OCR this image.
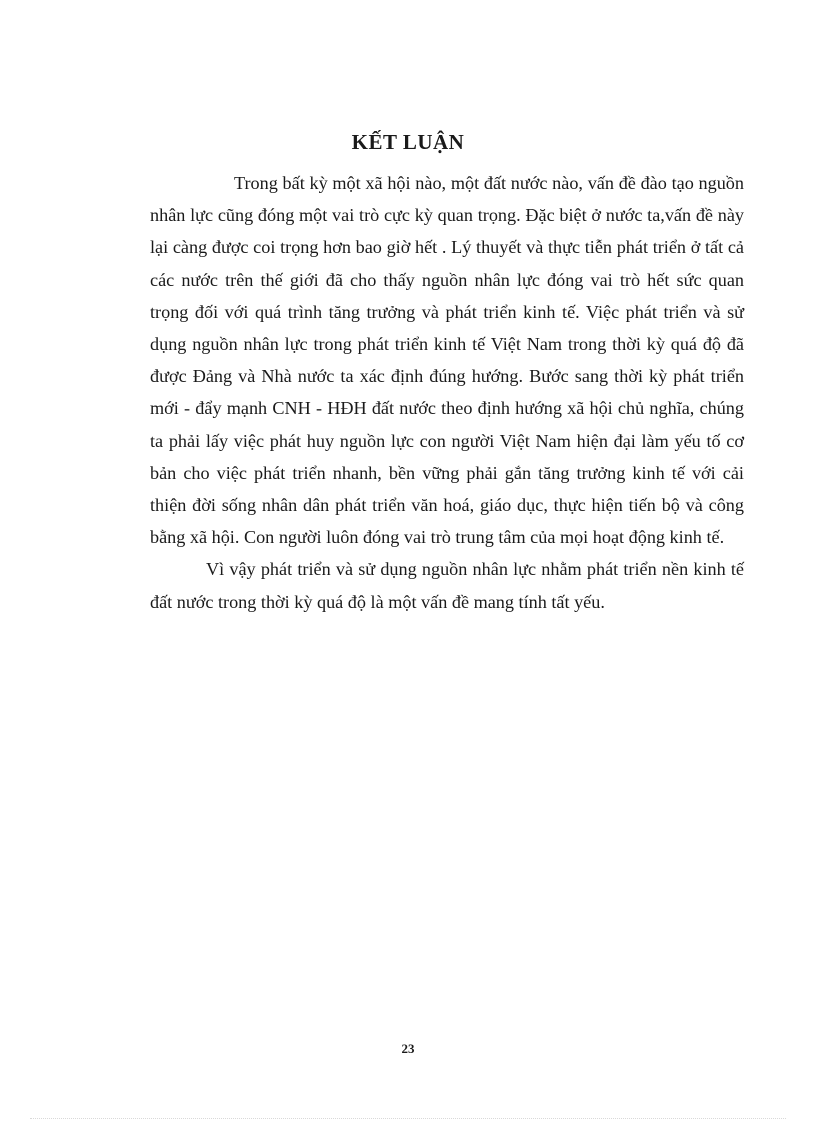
KẾT LUẬN

Trong bất kỳ một xã hội nào, một đất nước nào, vấn đề đào tạo nguồn nhân lực cũng đóng một vai trò cực kỳ quan trọng. Đặc biệt ở nước ta,vấn đề này lại càng được coi trọng hơn bao giờ hết . Lý thuyết và thực tiễn phát triển ở tất cả các nước trên thế giới đã cho thấy nguồn nhân lực đóng vai trò hết sức quan trọng đối với quá trình tăng trưởng và phát triển kinh tế. Việc phát triển và sử dụng nguồn nhân lực trong phát triển kinh tế Việt Nam trong thời kỳ quá độ đã được Đảng và Nhà nước ta xác định đúng hướng. Bước sang thời kỳ phát triển mới - đẩy mạnh CNH - HĐH đất nước theo định hướng xã hội chủ nghĩa, chúng ta phải lấy việc phát huy nguồn lực con người Việt Nam hiện đại làm yếu tố cơ bản cho việc phát triển nhanh, bền vững phải gắn tăng trưởng kinh tế với cải thiện đời sống nhân dân phát triển văn hoá, giáo dục, thực hiện tiến bộ và công bằng xã hội. Con người luôn đóng vai trò trung tâm của mọi hoạt động kinh tế.

Vì vậy phát triển và sử dụng nguồn nhân lực nhằm phát triển nền kinh tế đất nước trong thời kỳ quá độ là một vấn đề mang tính tất yếu.

23
